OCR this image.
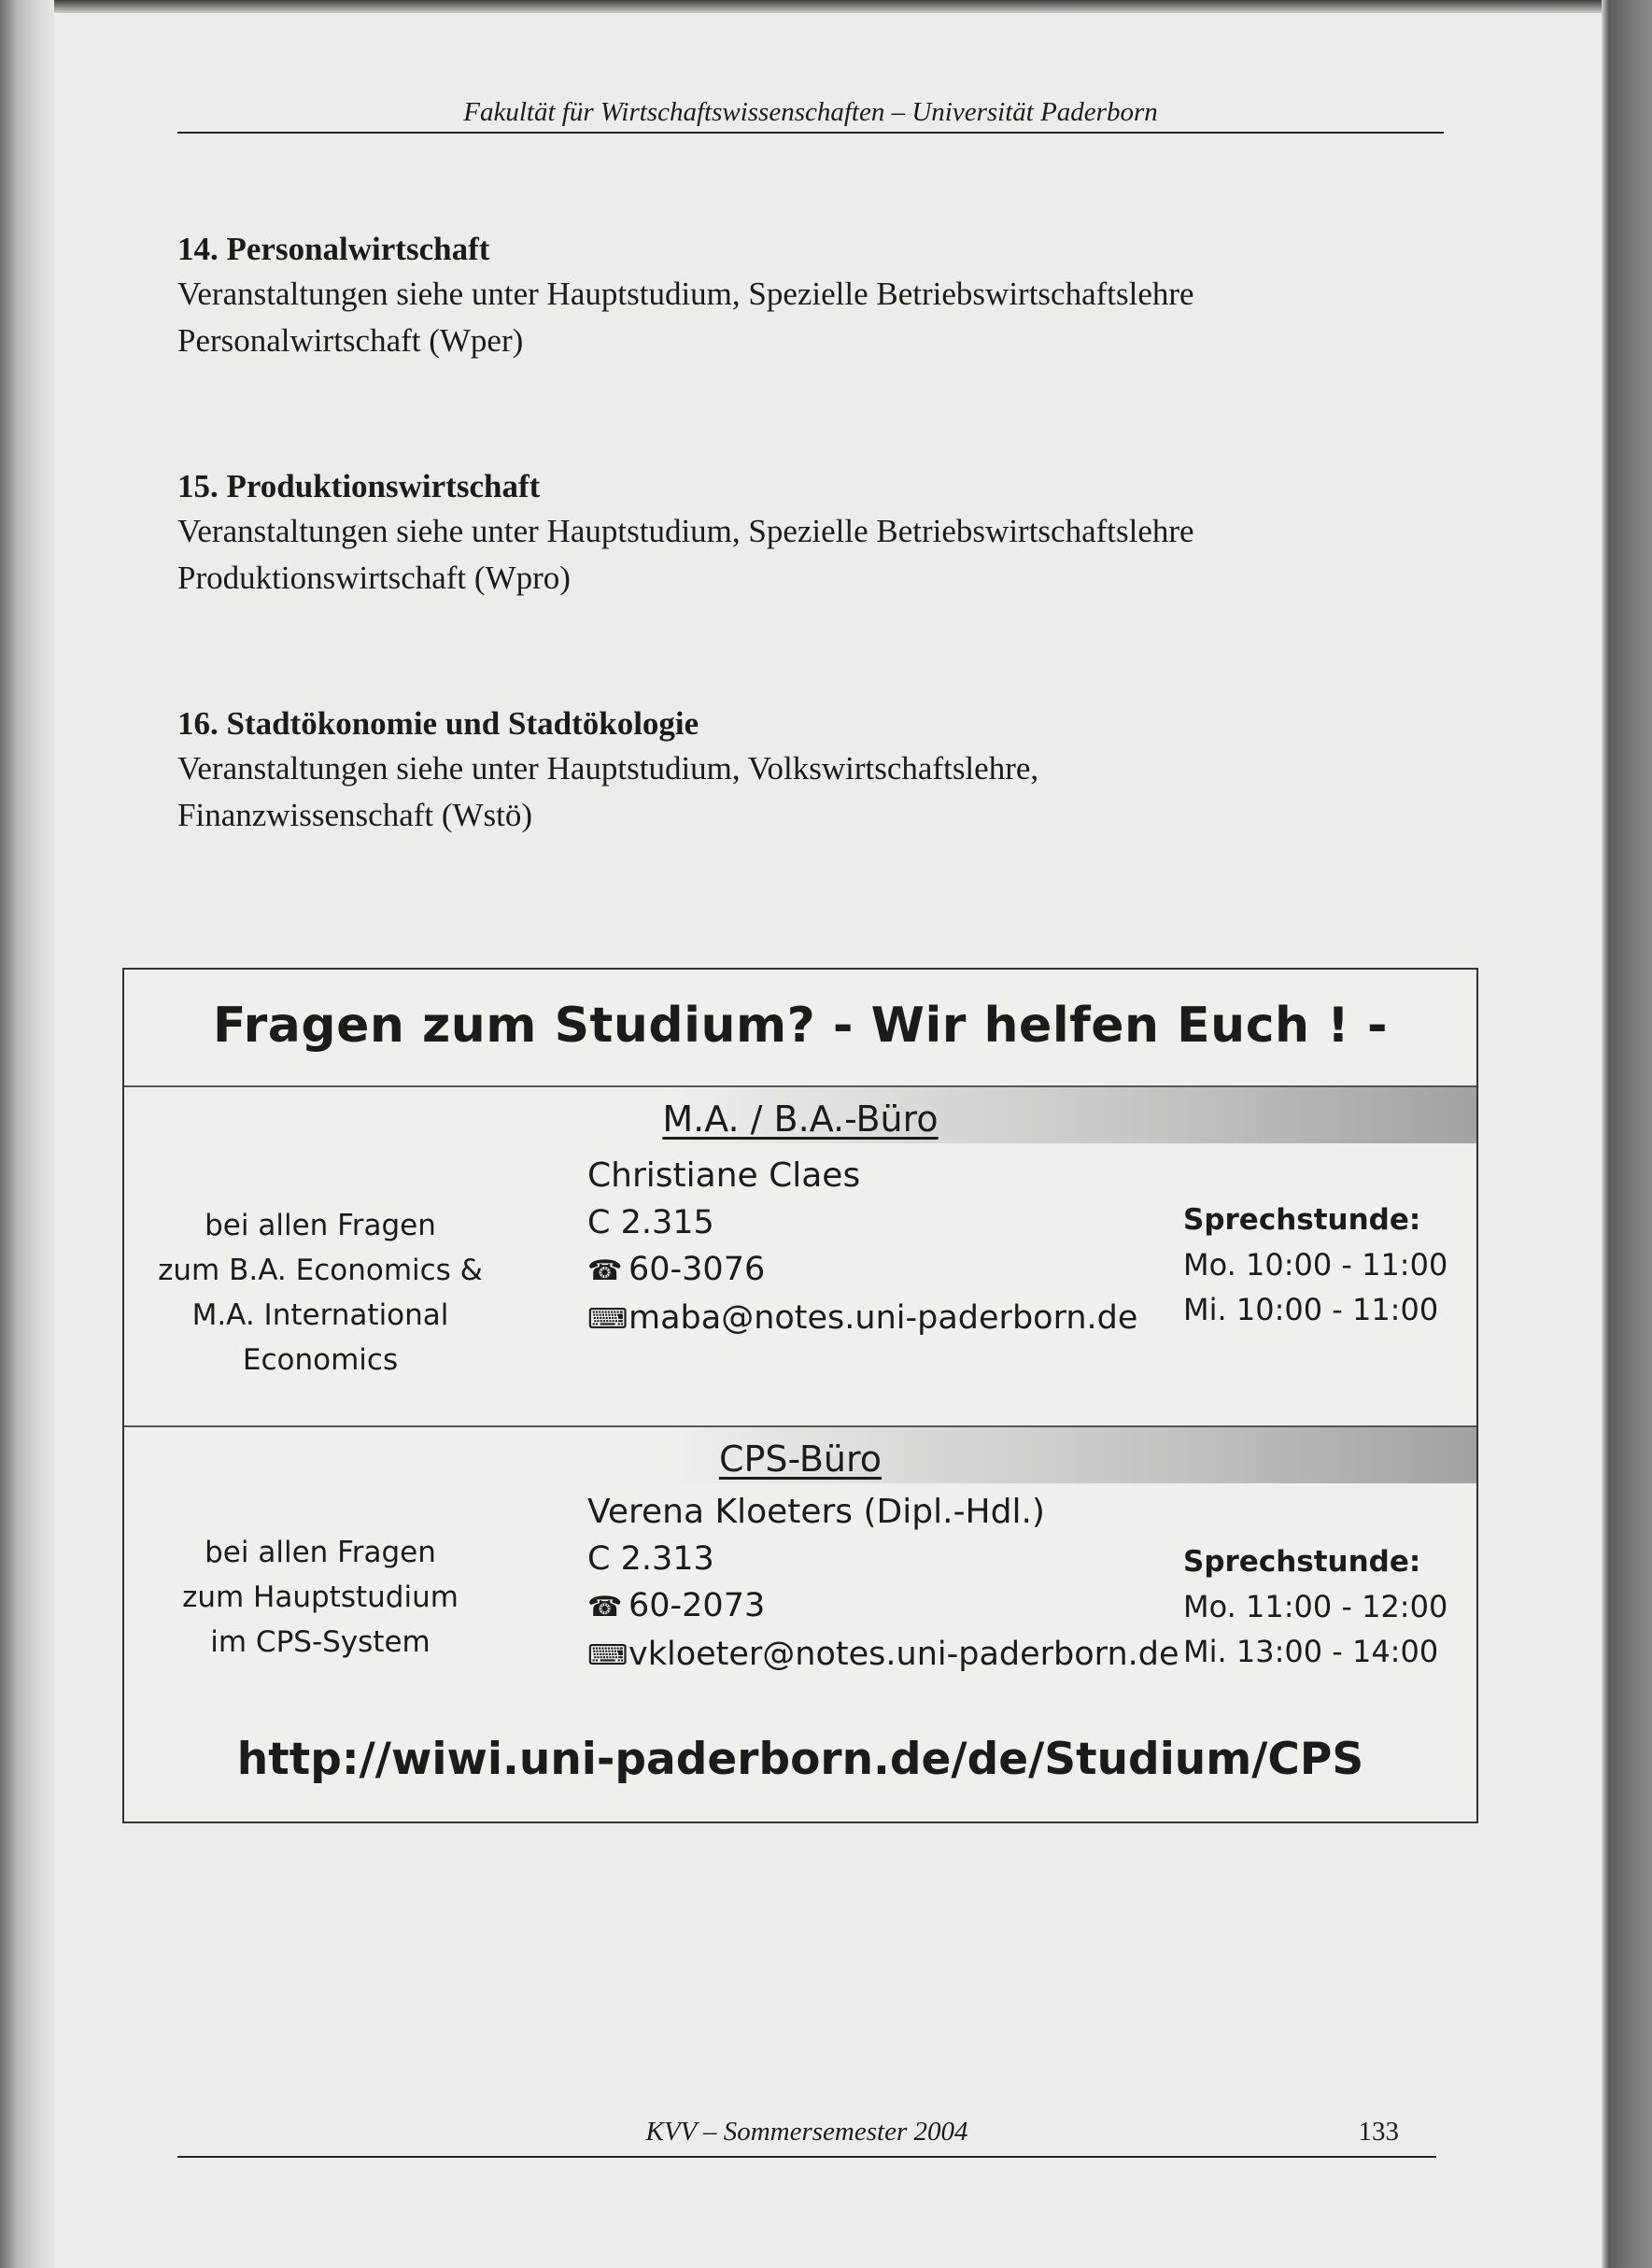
Fakultät für Wirtschaftswissenschaften – Universität Paderborn
14. Personalwirtschaft

Veranstaltungen siehe unter Hauptstudium, Spezielle Betriebswirtschaftslehre

Personalwirtschaft (Wper)

15. Produktionswirtschaft

Veranstaltungen siehe unter Hauptstudium, Spezielle Betriebswirtschaftslehre

Produktionswirtschaft (Wpro)

16. Stadtökonomie und Stadtökologie

Veranstaltungen siehe unter Hauptstudium, Volkswirtschaftslehre,

Finanzwissenschaft (Wstö)

Fragen zum Studium? - Wir helfen Euch ! -
M.A. / B.A.-Büro
bei allen Fragen
zum B.A. Economics &
M.A. International
Economics
Christiane Claes
C 2.315
☎ 60-3076
⌨maba@notes.uni-paderborn.de
Sprechstunde:
Mo. 10:00 - 11:00
Mi. 10:00 - 11:00
CPS-Büro
bei allen Fragen
zum Hauptstudium
im CPS-System
Verena Kloeters (Dipl.-Hdl.)
C 2.313
☎ 60-2073
⌨vkloeter@notes.uni-paderborn.de
Sprechstunde:
Mo. 11:00 - 12:00
Mi. 13:00 - 14:00
http://wiwi.uni-paderborn.de/de/Studium/CPS
KVV – Sommersemester 2004	133
